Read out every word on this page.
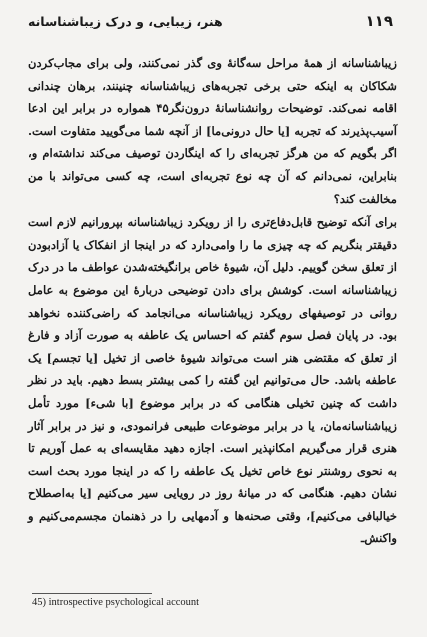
۱۱۹
هنر، زیبایی، و درک زیباشناسانه

زیباشناسانه از همهٔ مراحل سه‌گانهٔ وی گذر نمی‌کنند، ولی برای مجاب‌کردن شکاکان به اینکه حتی برخی تجربه‌های زیباشناسانه چنینند، برهان چندانی اقامه نمی‌کند. توضیحات روانشناسانهٔ درون‌نگر۴۵ همواره در برابر این ادعا آسیب‌پذیرند که تجربه [یا حال درونی‌ما] از آنچه شما می‌گویید متفاوت است. اگر بگویم که من هرگز تجربه‌ای را که اینگاردن توصیف می‌کند نداشته‌ام و، بنابراین، نمی‌دانم که آن چه نوع تجربه‌ای است، چه کسی می‌تواند با من مخالفت کند؟

برای آنکه توضیح قابل‌دفاع‌تری را از رویکرد زیباشناسانه بپرورانیم لازم است دقیقتر بنگریم که چه چیزی ما را وامی‌دارد که در اینجا از انفکاک یا آزادبودن از تعلق سخن گوییم. دلیل آن، شیوهٔ خاص برانگیخته‌شدن عواطف ما در درک زیباشناسانه است. کوشش برای دادن توضیحی دربارهٔ این موضوع به عامل روانی در توصیفهای رویکرد زیباشناسانه می‌انجامد که راضی‌کننده نخواهد بود. در پایان فصل سوم گفتم که احساس یک عاطفه به صورت آزاد و فارغ از تعلق که مقتضی هنر است می‌تواند شیوهٔ خاصی از تخیل [یا تجسم] یک عاطفه باشد. حال می‌توانیم این گفته را کمی بیشتر بسط دهیم. باید در نظر داشت که چنین تخیلی هنگامی که در برابر موضوع [با شیء] مورد تأمل زیباشناسانه‌مان، یا در برابر موضوعات طبیعی فرانمودی، و نیز در برابر آثار هنری قرار می‌گیریم امکانپذیر است. اجازه دهید مقایسه‌ای به عمل آوریم تا به نحوی روشنتر نوع خاص تخیل یک عاطفه را که در اینجا مورد بحث است نشان دهیم. هنگامی که در میانهٔ روز در رویایی سیر می‌کنیم [یا به‌اصطلاح خیالبافی می‌کنیم]، وقتی صحنه‌ها و آدمهایی را در ذهنمان مجسم‌می‌کنیم و واکنش‌ـ

45) introspective psychological account
